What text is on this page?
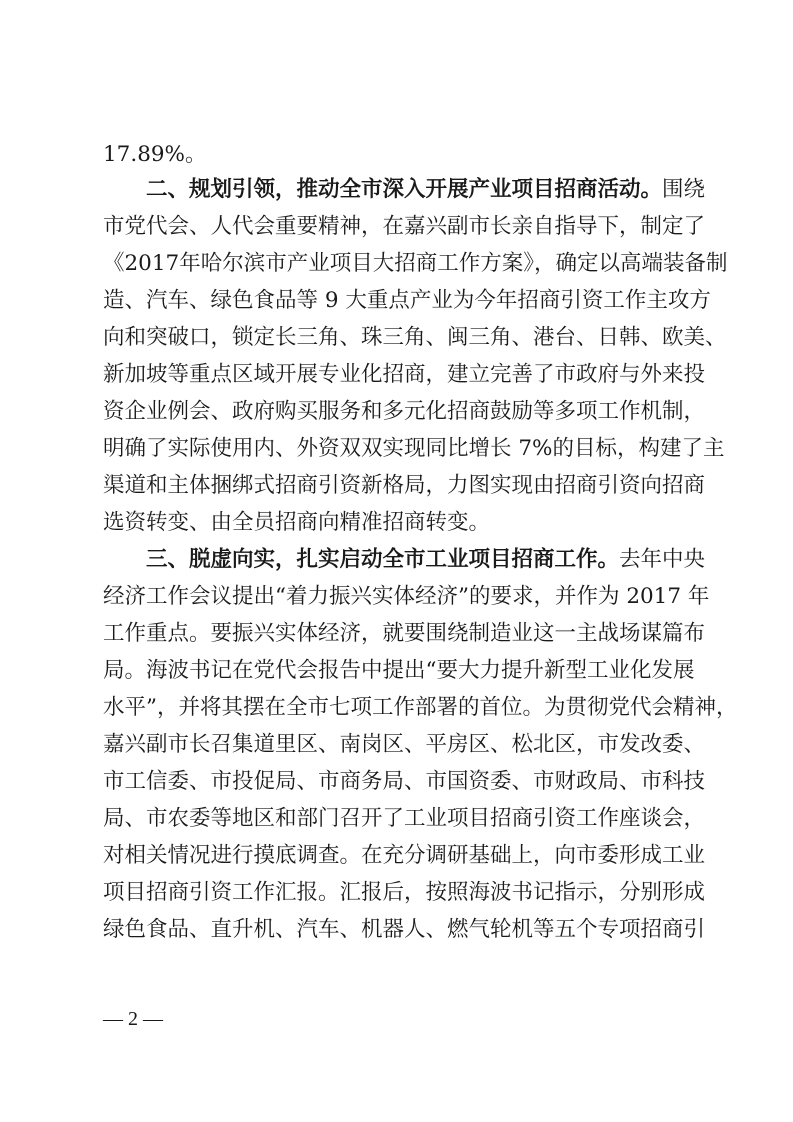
17.89%。
二、规划引领，推动全市深入开展产业项目招商活动。围绕
市党代会、人代会重要精神，在嘉兴副市长亲自指导下，制定了
《2017年哈尔滨市产业项目大招商工作方案》，确定以高端装备制
造、汽车、绿色食品等 9 大重点产业为今年招商引资工作主攻方
向和突破口，锁定长三角、珠三角、闽三角、港台、日韩、欧美、
新加坡等重点区域开展专业化招商，建立完善了市政府与外来投
资企业例会、政府购买服务和多元化招商鼓励等多项工作机制，
明确了实际使用内、外资双双实现同比增长 7%的目标，构建了主
渠道和主体捆绑式招商引资新格局，力图实现由招商引资向招商
选资转变、由全员招商向精准招商转变。
三、脱虚向实，扎实启动全市工业项目招商工作。去年中央
经济工作会议提出“着力振兴实体经济”的要求，并作为 2017 年
工作重点。要振兴实体经济，就要围绕制造业这一主战场谋篇布
局。海波书记在党代会报告中提出“要大力提升新型工业化发展
水平”，并将其摆在全市七项工作部署的首位。为贯彻党代会精神，
嘉兴副市长召集道里区、南岗区、平房区、松北区，市发改委、
市工信委、市投促局、市商务局、市国资委、市财政局、市科技
局、市农委等地区和部门召开了工业项目招商引资工作座谈会，
对相关情况进行摸底调查。在充分调研基础上，向市委形成工业
项目招商引资工作汇报。汇报后，按照海波书记指示，分别形成
绿色食品、直升机、汽车、机器人、燃气轮机等五个专项招商引
— 2 —
